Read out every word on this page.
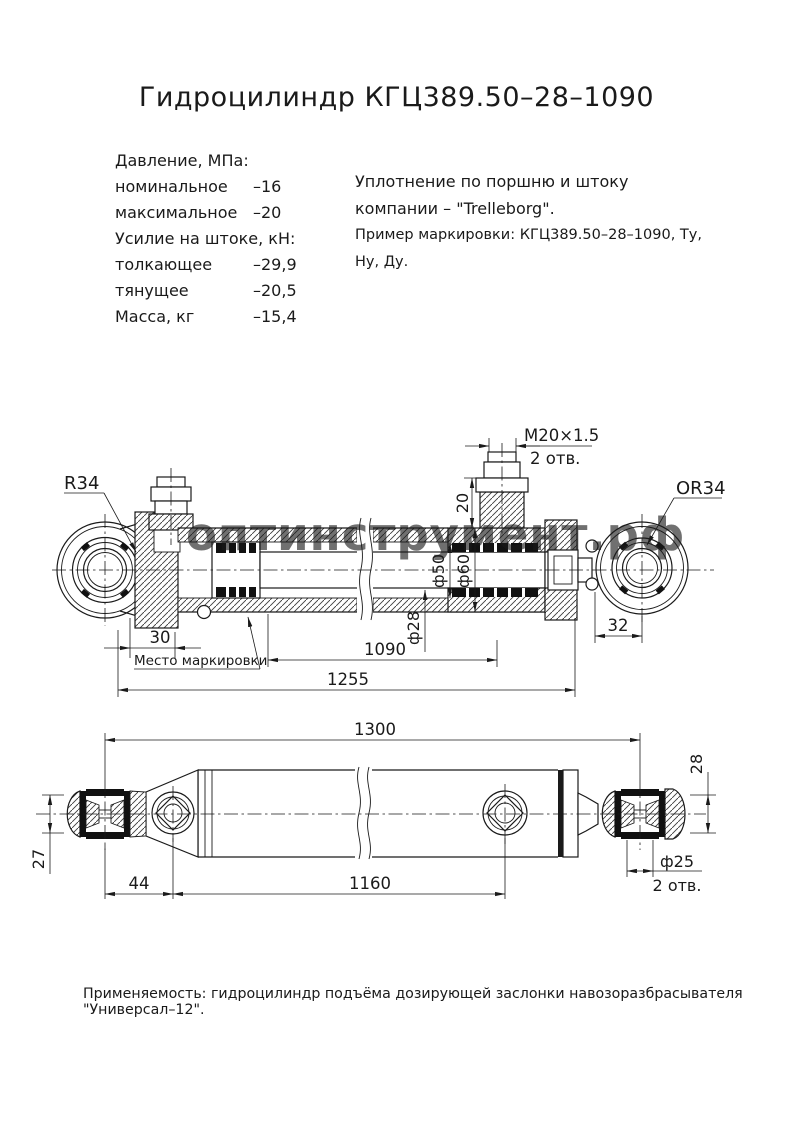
Гидроцилиндр КГЦ389.50–28–1090
Давление, МПа:
номинальное	–16
максимальное –20
Усилие на штоке, кН:
толкающее	–29,9
тянущее	–20,5
Масса, кг	–15,4
Уплотнение по поршню и штоку
компании – "Trelleborg".
Пример маркировки: КГЦ389.50–28–1090, Ту, Ну, Ду.
R34	OR34
M20×1.5
2 отв.
20
ф50 ф60
ф28
30
32
1090
1255
Место маркировки
оптинструмент.рф
1300
27
28
44	1160
ф25
2 отв.
Применяемость: гидроцилиндр подъёма дозирующей заслонки навозоразбрасывателя "Универсал–12".
